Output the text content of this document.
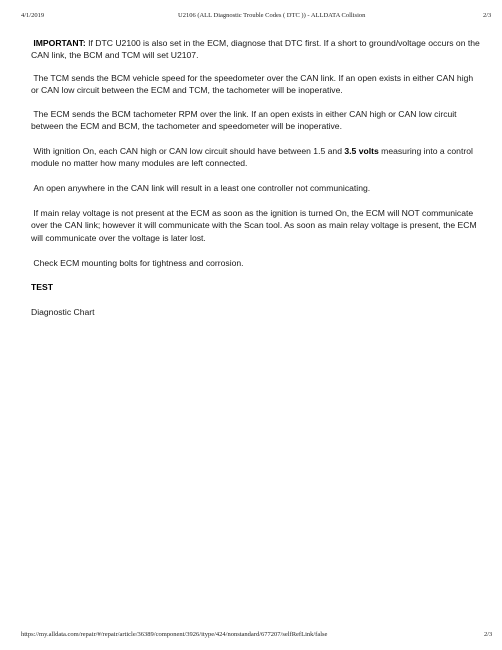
4/1/2019	U2106 (ALL Diagnostic Trouble Codes ( DTC )) - ALLDATA Collision	2/3
IMPORTANT: If DTC U2100 is also set in the ECM, diagnose that DTC first. If a short to ground/voltage occurs on the
CAN link, the BCM and TCM will set U2107.
The TCM sends the BCM vehicle speed for the speedometer over the CAN link. If an open exists in either CAN high
or CAN low circuit between the ECM and TCM, the tachometer will be inoperative.
The ECM sends the BCM tachometer RPM over the link. If an open exists in either CAN high or CAN low circuit
between the ECM and BCM, the tachometer and speedometer will be inoperative.
With ignition On, each CAN high or CAN low circuit should have between 1.5 and 3.5 volts measuring into a control
module no matter how many modules are left connected.
An open anywhere in the CAN link will result in a least one controller not communicating.
If main relay voltage is not present at the ECM as soon as the ignition is turned On, the ECM will NOT communicate
over the CAN link; however it will communicate with the Scan tool. As soon as main relay voltage is present, the ECM
will communicate over the voltage is later lost.
Check ECM mounting bolts for tightness and corrosion.
TEST
Diagnostic Chart
https://my.alldata.com/repair/#/repair/article/36389/component/3926/itype/424/nonstandard/677207/selfRefLink/false	2/3
